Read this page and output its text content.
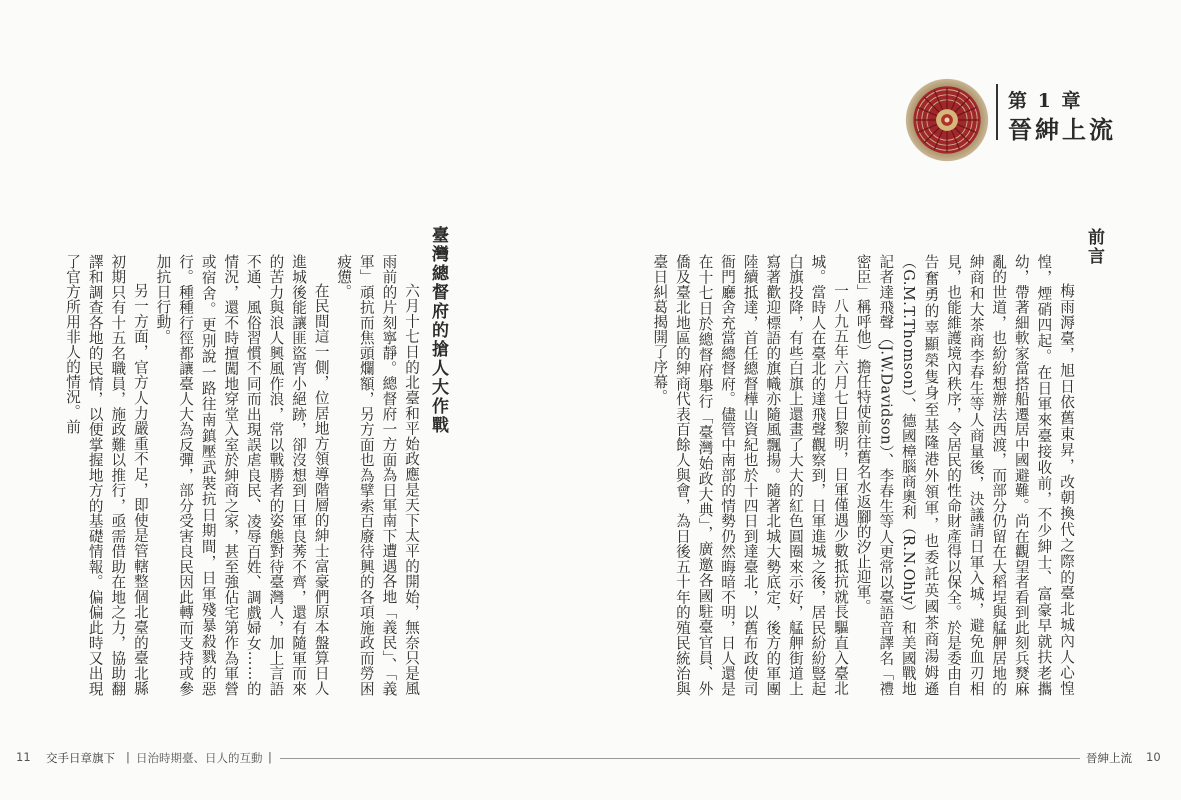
第 1 章
晉紳上流
前言

梅雨溽臺，旭日依舊東昇，改朝換代之際的臺北城內人心惶惶，煙硝四起。在日軍來臺接收前，不少紳士、富豪早就扶老攜幼，帶著細軟家當搭船遷居中國避難。尚在觀望者看到此刻兵燹麻亂的世道，也紛紛想辦法西渡，而部分仍留在大稻埕與艋舺居地的紳商和大茶商李春生等人商量後，決議請日軍入城，避免血刃相見，也能維護境內秩序，令居民的性命財產得以保全。於是委由自告奮勇的辜顯榮隻身至基隆港外領軍，也委託英國茶商湯姆遜（G.M.T.Thomson）、德國樟腦商奧利（R.N.Ohly）和美國戰地記者達飛聲（J.W.Davidson）、李春生等人更常以臺語音譯名「禮密臣」稱呼他）擔任特使前往舊名水返腳的汐止迎軍。

一八九五年六月七日黎明，日軍僅遇少數抵抗就長驅直入臺北城。當時人在臺北的達飛聲觀察到，日軍進城之後，居民紛紛豎起白旗投降，有些白旗上還畫了大大的紅色圓圈來示好，艋舺街道上寫著歡迎標語的旗幟亦隨風飄揚。隨著北城大勢底定，後方的軍團陸續抵達，首任總督樺山資紀也於十四日到達臺北，以舊布政使司衙門廳舍充當總督府。儘管中南部的情勢仍然晦暗不明，日人還是在十七日於總督府舉行「臺灣始政大典」，廣邀各國駐臺官員、外僑及臺北地區的紳商代表百餘人與會，為日後五十年的殖民統治與臺日糾葛揭開了序幕。

臺灣總督府的搶人大作戰

六月十七日的北臺和平始政應是天下太平的開始，無奈只是風雨前的片刻寧靜。總督府一方面為日軍南下遭遇各地「義民」、「義軍」頑抗而焦頭爛額，另方面也為擘索百廢待興的各項施政而勞困疲憊。

在民間這一側，位居地方領導階層的紳士富豪們原本盤算日人進城後能讓匪盜宵小絕跡，卻沒想到日軍良莠不齊，還有隨軍而來的苦力與浪人興風作浪，常以戰勝者的姿態對待臺灣人，加上言語不通、風俗習慣不同而出現誤虐良民、凌辱百姓、調戲婦女……的情況，還不時擅闖地穿堂入室於紳商之家，甚至強佔宅第作為軍營或宿舍。更別說一路往南鎮壓武裝抗日期間，日軍殘暴殺戮的惡行。種種行徑都讓臺人大為反彈，部分受害良民因此轉而支持或參加抗日行動。

另一方面，官方人力嚴重不足，即使是管轄整個北臺的臺北縣初期只有十五名職員，施政難以推行，亟需借助在地之力，協助翻譯和調查各地的民情，以便掌握地方的基礎情報。偏偏此時又出現了官方所用非人的情況。前

11 交手日章旗下 | 日治時期臺、日人的互動 |	晉紳上流 10
